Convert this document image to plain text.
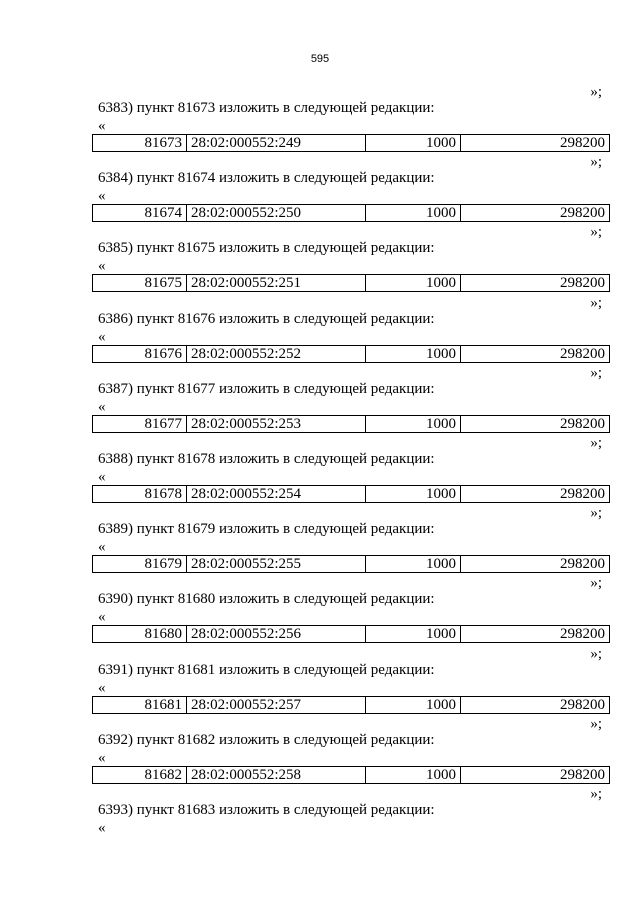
595
»;
6383) пункт 81673 изложить в следующей редакции:
«
81673 28:02:000552:249	1000	298200
»;
6384) пункт 81674 изложить в следующей редакции:
«
81674 28:02:000552:250	1000	298200
»;
6385) пункт 81675 изложить в следующей редакции:
«
81675 28:02:000552:251	1000	298200
»;
6386) пункт 81676 изложить в следующей редакции:
«
81676 28:02:000552:252	1000	298200
»;
6387) пункт 81677 изложить в следующей редакции:
«
81677 28:02:000552:253	1000	298200
»;
6388) пункт 81678 изложить в следующей редакции:
«
81678 28:02:000552:254	1000	298200
»;
6389) пункт 81679 изложить в следующей редакции:
«
81679 28:02:000552:255	1000	298200
»;
6390) пункт 81680 изложить в следующей редакции:
«
81680 28:02:000552:256	1000	298200
»;
6391) пункт 81681 изложить в следующей редакции:
«
81681 28:02:000552:257	1000	298200
»;
6392) пункт 81682 изложить в следующей редакции:
«
81682 28:02:000552:258	1000	298200
»;
6393) пункт 81683 изложить в следующей редакции:
«
